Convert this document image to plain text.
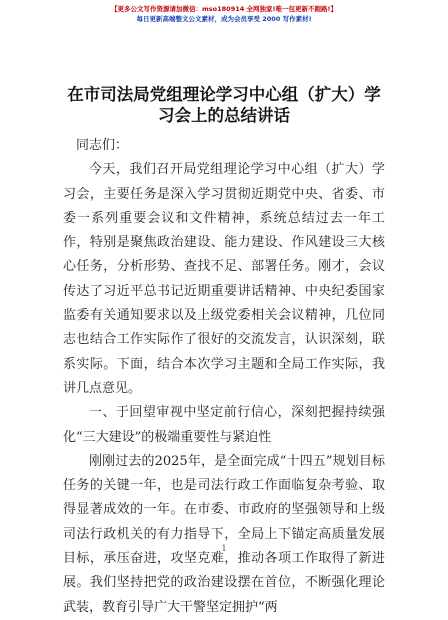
【更多公文写作资源请加微信：mso180914 全网独家!唯一包更新不跑路!】
每日更新高端整文公文素材，成为会员享受 2000 写作素材!
在市司法局党组理论学习中心组（扩大）学习会上的总结讲话

同志们：

今天，我们召开局党组理论学习中心组（扩大）学习会，主要任务是深入学习贯彻近期党中央、省委、市委一系列重要会议和文件精神，系统总结过去一年工作，特别是聚焦政治建设、能力建设、作风建设三大核心任务，分析形势、查找不足、部署任务。刚才，会议传达了习近平总书记近期重要讲话精神、中央纪委国家监委有关通知要求以及上级党委相关会议精神，几位同志也结合工作实际作了很好的交流发言，认识深刻，联系实际。下面，结合本次学习主题和全局工作实际，我讲几点意见。

一、于回望审视中坚定前行信心，深刻把握持续强化“三大建设”的极端重要性与紧迫性

刚刚过去的2025年，是全面完成“十四五”规划目标任务的关键一年，也是司法行政工作面临复杂考验、取得显著成效的一年。在市委、市政府的坚强领导和上级司法行政机关的有力指导下，全局上下锚定高质量发展目标，承压奋进，攻坚克难，推动各项工作取得了新进展。我们坚持把党的政治建设摆在首位，不断强化理论武装，教育引导广大干警坚定拥护“两

1
